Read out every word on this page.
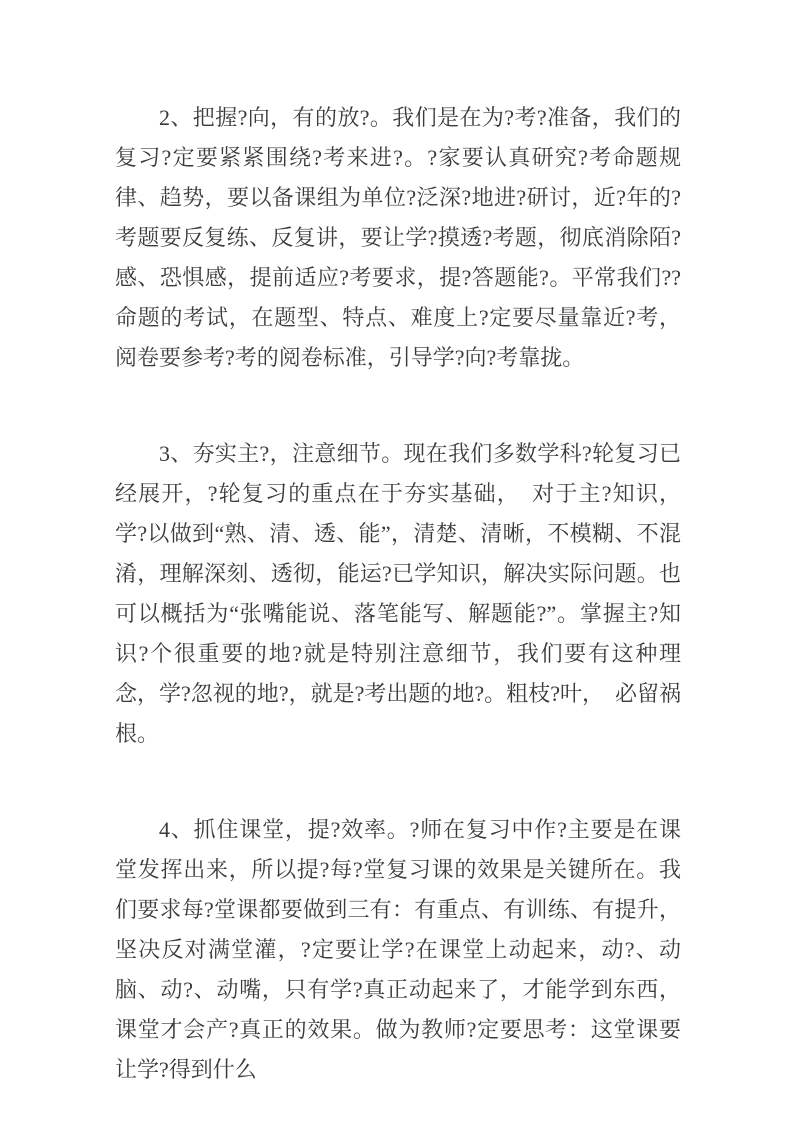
2、把握?向，有的放?。我们是在为?考?准备，我们的复习?定要紧紧围绕?考来进?。?家要认真研究?考命题规律、趋势，要以备课组为单位?泛深?地进?研讨，近?年的?考题要反复练、反复讲，要让学?摸透?考题，彻底消除陌?感、恐惧感，提前适应?考要求，提?答题能?。平常我们??命题的考试，在题型、特点、难度上?定要尽量靠近?考，阅卷要参考?考的阅卷标准，引导学?向?考靠拢。

3、夯实主?，注意细节。现在我们多数学科?轮复习已经展开，?轮复习的重点在于夯实基础，　对于主?知识，学?以做到“熟、清、透、能”，清楚、清晰，不模糊、不混淆，理解深刻、透彻，能运?已学知识，解决实际问题。也可以概括为“张嘴能说、落笔能写、解题能?”。掌握主?知识?个很重要的地?就是特别注意细节，我们要有这种理念，学?忽视的地?，就是?考出题的地?。粗枝?叶，　必留祸根。

4、抓住课堂，提?效率。?师在复习中作?主要是在课堂发挥出来，所以提?每?堂复习课的效果是关键所在。我们要求每?堂课都要做到三有：有重点、有训练、有提升，坚决反对满堂灌，?定要让学?在课堂上动起来，动?、动脑、动?、动嘴，只有学?真正动起来了，才能学到东西，课堂才会产?真正的效果。做为教师?定要思考：这堂课要让学?得到什么
